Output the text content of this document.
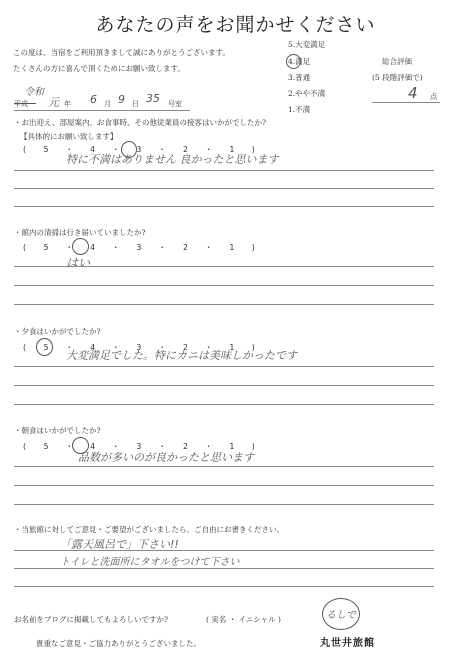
あなたの声をお聞かせください
この度は、当宿をご利用頂きまして誠にありがとうございます。
たくさんの方に喜んで頂くためにお願い致します。
5.大変満足
4.満足
3.普通
2.やや不満
1.不満
総合評価
(5 段階評価で)
4 点
令和
平成 元 年 6 月 9 日 35 号室
・お出迎え、部屋案内、お食事時、その他従業員の接客はいかがでしたか?
【具体的にお願い致します】
( 5 ・ 4 ・ 3 ・ 2 ・ 1 )
特に不満はありません 良かったと思います
・館内の清掃は行き届いていましたか?
( 5 ・ 4 ・ 3 ・ 2 ・ 1 )
はい
・夕食はいかがでしたか?
( 5 ・ 4 ・ 3 ・ 2 ・ 1 )
大変満足でした。特にカニは美味しかったです
・朝食はいかがでしたか?
( 5 ・ 4 ・ 3 ・ 2 ・ 1 )
品数が多いのが良かったと思います
・当旅館に対してご意見・ご要望がございましたら、ご自由にお書きください。
「露天風呂で」下さい!!
トイレと洗面所にタオルをつけて下さい
お名前をブログに掲載してもよろしいですか?	( 実名 ・ イニシャル )	るしで
貴重なご意見・ご協力ありがとうございました。	丸世井旅館
